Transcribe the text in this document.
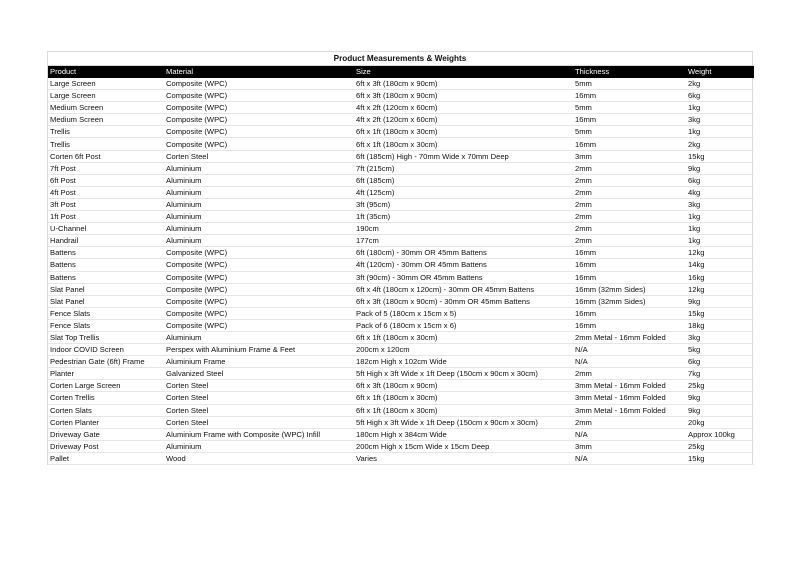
Product Measurements & Weights
Product	Material	Size	Thickness	Weight
Large Screen	Composite (WPC)	6ft x 3ft (180cm x 90cm)	5mm	2kg
Large Screen	Composite (WPC)	6ft x 3ft (180cm x 90cm)	16mm	6kg
Medium Screen	Composite (WPC)	4ft x 2ft (120cm x 60cm)	5mm	1kg
Medium Screen	Composite (WPC)	4ft x 2ft (120cm x 60cm)	16mm	3kg
Trellis	Composite (WPC)	6ft x 1ft (180cm x 30cm)	5mm	1kg
Trellis	Composite (WPC)	6ft x 1ft (180cm x 30cm)	16mm	2kg
Corten 6ft Post	Corten Steel	6ft (185cm) High - 70mm Wide x 70mm Deep	3mm	15kg
7ft Post	Aluminium	7ft (215cm)	2mm	9kg
6ft Post	Aluminium	6ft (185cm)	2mm	6kg
4ft Post	Aluminium	4ft (125cm)	2mm	4kg
3ft Post	Aluminium	3ft (95cm)	2mm	3kg
1ft Post	Aluminium	1ft (35cm)	2mm	1kg
U-Channel	Aluminium	190cm	2mm	1kg
Handrail	Aluminium	177cm	2mm	1kg
Battens	Composite (WPC)	6ft (180cm) - 30mm OR 45mm Battens	16mm	12kg
Battens	Composite (WPC)	4ft (120cm) - 30mm OR 45mm Battens	16mm	14kg
Battens	Composite (WPC)	3ft (90cm) - 30mm OR 45mm Battens	16mm	16kg
Slat Panel	Composite (WPC)	6ft x 4ft (180cm x 120cm) - 30mm OR 45mm Battens	16mm (32mm Sides)	12kg
Slat Panel	Composite (WPC)	6ft x 3ft (180cm x 90cm) - 30mm OR 45mm Battens	16mm (32mm Sides)	9kg
Fence Slats	Composite (WPC)	Pack of 5 (180cm x 15cm x 5)	16mm	15kg
Fence Slats	Composite (WPC)	Pack of 6 (180cm x 15cm x 6)	16mm	18kg
Slat Top Trellis	Aluminium	6ft x 1ft (180cm x 30cm)	2mm Metal - 16mm Folded	3kg
Indoor COVID Screen	Perspex with Aluminium Frame & Feet	200cm x 120cm	N/A	5kg
Pedestrian Gate (6ft) Frame	Aluminium Frame	182cm High x 102cm Wide	N/A	6kg
Planter	Galvanized Steel	5ft High x 3ft Wide x 1ft Deep (150cm x 90cm x 30cm)	2mm	7kg
Corten Large Screen	Corten Steel	6ft x 3ft (180cm x 90cm)	3mm Metal - 16mm Folded	25kg
Corten Trellis	Corten Steel	6ft x 1ft (180cm x 30cm)	3mm Metal - 16mm Folded	9kg
Corten Slats	Corten Steel	6ft x 1ft (180cm x 30cm)	3mm Metal - 16mm Folded	9kg
Corten Planter	Corten Steel	5ft High x 3ft Wide x 1ft Deep (150cm x 90cm x 30cm)	2mm	20kg
Driveway Gate	Aluminium Frame with Composite (WPC) Infill	180cm High x 384cm Wide	N/A	Approx 100kg
Driveway Post	Aluminium	200cm High x 15cm Wide x 15cm Deep	3mm	25kg
Pallet	Wood	Varies	N/A	15kg
